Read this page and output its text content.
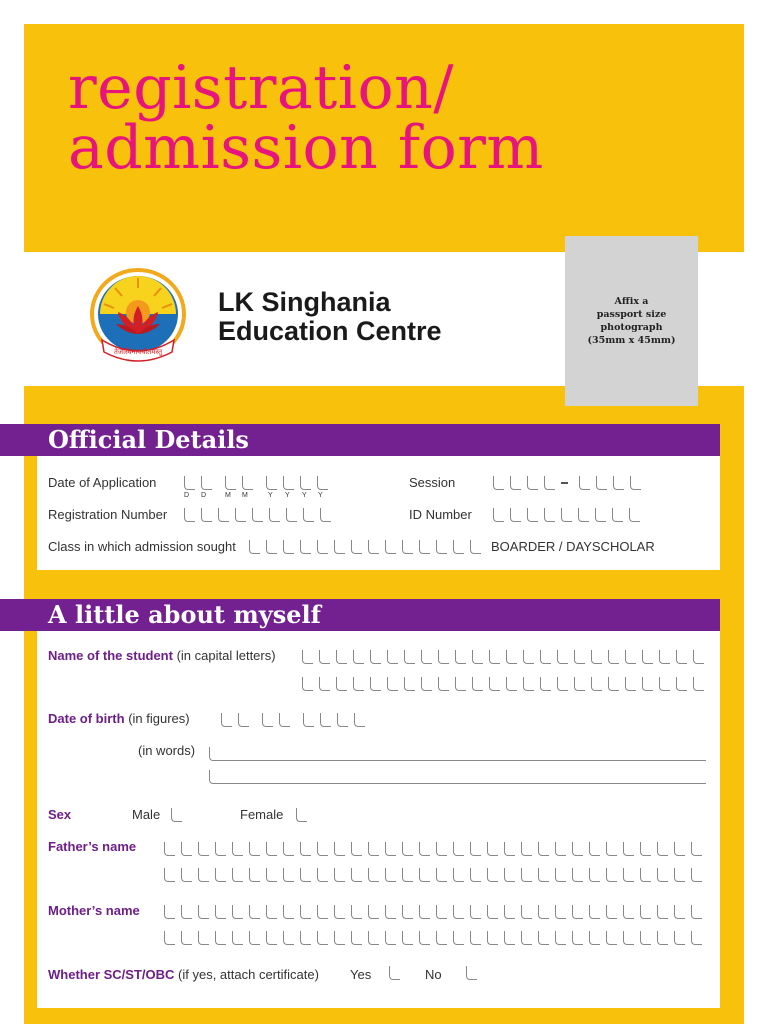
registration/
admission form
Affix a
passport size
photograph
(35mm x 45mm)
तेजस्विनावधीतमस्तु
LK Singhania
Education Centre
Official Details
Date of Application
D D	M M	Y Y Y Y
Session
Registration Number	ID Number
Class in which admission sought	BOARDER / DAYSCHOLAR
A little about myself
Name of the student (in capital letters)
Date of birth (in figures)
(in words)
Sex	Male	Female
Father’s name
Mother’s name
Whether SC/ST/OBC (if yes, attach certificate) Yes	No
